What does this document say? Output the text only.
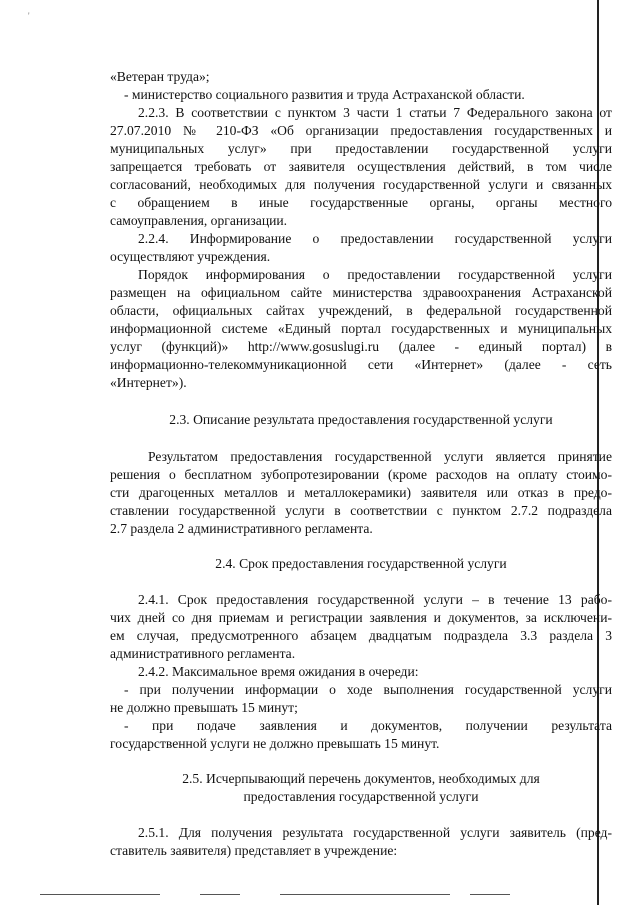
'
«Ветеран труда»;
- министерство социального развития и труда Астраханской области.
2.2.3. В соответствии с пунктом 3 части 1 статьи 7 Федерального закона от
27.07.2010 № 210-ФЗ «Об организации предоставления государственных и
муниципальных услуг» при предоставлении государственной услуги
запрещается требовать от заявителя осуществления действий, в том числе
согласований, необходимых для получения государственной услуги и связанных
с обращением в иные государственные органы, органы местного
самоуправления, организации.
2.2.4. Информирование о предоставлении государственной услуги
осуществляют учреждения.
Порядок информирования о предоставлении государственной услуги
размещен на официальном сайте министерства здравоохранения Астраханской
области, официальных сайтах учреждений, в федеральной государственной
информационной системе «Единый портал государственных и муниципальных
услуг (функций)» http://www.gosuslugi.ru (далее - единый портал) в
информационно-телекоммуникационной сети «Интернет» (далее - сеть
«Интернет»).
2.3. Описание результата предоставления государственной услуги
Результатом предоставления государственной услуги является принятие
решения о бесплатном зубопротезировании (кроме расходов на оплату стоимо-
сти драгоценных металлов и металлокерамики) заявителя или отказ в предо-
ставлении государственной услуги в соответствии с пунктом 2.7.2 подраздела
2.7 раздела 2 административного регламента.
2.4. Срок предоставления государственной услуги
2.4.1. Срок предоставления государственной услуги – в течение 13 рабо-
чих дней со дня приемам и регистрации заявления и документов, за исключени-
ем случая, предусмотренного абзацем двадцатым подраздела 3.3 раздела 3
административного регламента.
2.4.2. Максимальное время ожидания в очереди:
- при получении информации о ходе выполнения государственной услуги
не должно превышать 15 минут;
- при подаче заявления и документов, получении результата
государственной услуги не должно превышать 15 минут.
2.5. Исчерпывающий перечень документов, необходимых для
предоставления государственной услуги
2.5.1. Для получения результата государственной услуги заявитель (пред-
ставитель заявителя) представляет в учреждение:
